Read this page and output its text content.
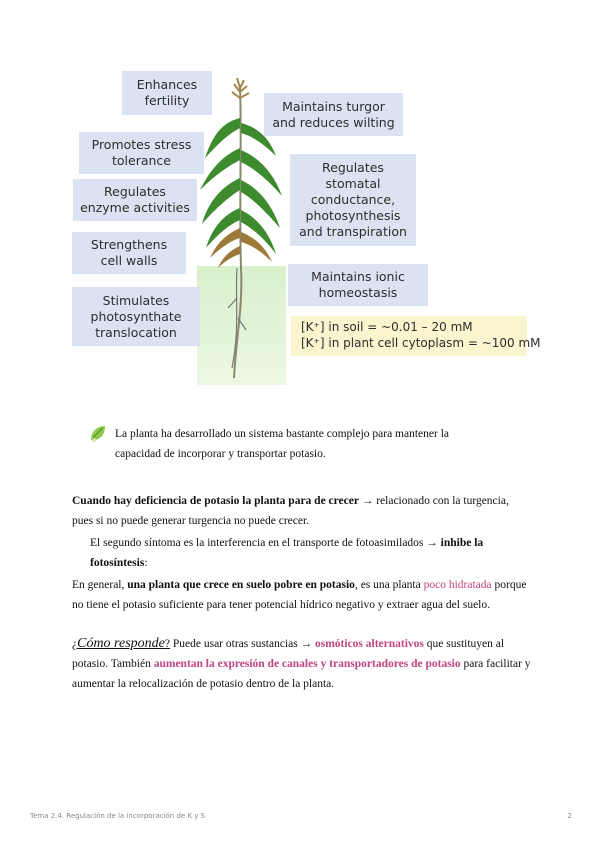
Enhances
fertility
Promotes stress
tolerance
Regulates
enzyme activities
Strengthens
cell walls
Stimulates
photosynthate
translocation
Maintains turgor
and reduces wilting
Regulates
stomatal
conductance,
photosynthesis
and transpiration
Maintains ionic
homeostasis
[K⁺] in soil = ~0.01 – 20 mM
[K⁺] in plant cell cytoplasm = ~100 mM

La planta ha desarrollado un sistema bastante complejo para mantener la capacidad de incorporar y transportar potasio.

Cuando hay deficiencia de potasio la planta para de crecer → relacionado con la turgencia, pues si no puede generar turgencia no puede crecer.

El segundo síntoma es la interferencia en el transporte de fotoasimilados → inhibe la fotosíntesis:

En general, una planta que crece en suelo pobre en potasio, es una planta poco hidratada porque no tiene el potasio suficiente para tener potencial hídrico negativo y extraer agua del suelo.

¿Cómo responde? Puede usar otras sustancias → osmóticos alternativos que sustituyen al potasio. También aumentan la expresión de canales y transportadores de potasio para facilitar y aumentar la relocalización de potasio dentro de la planta.

Tema 2.4. Regulación de la incorporación de K y S	2
